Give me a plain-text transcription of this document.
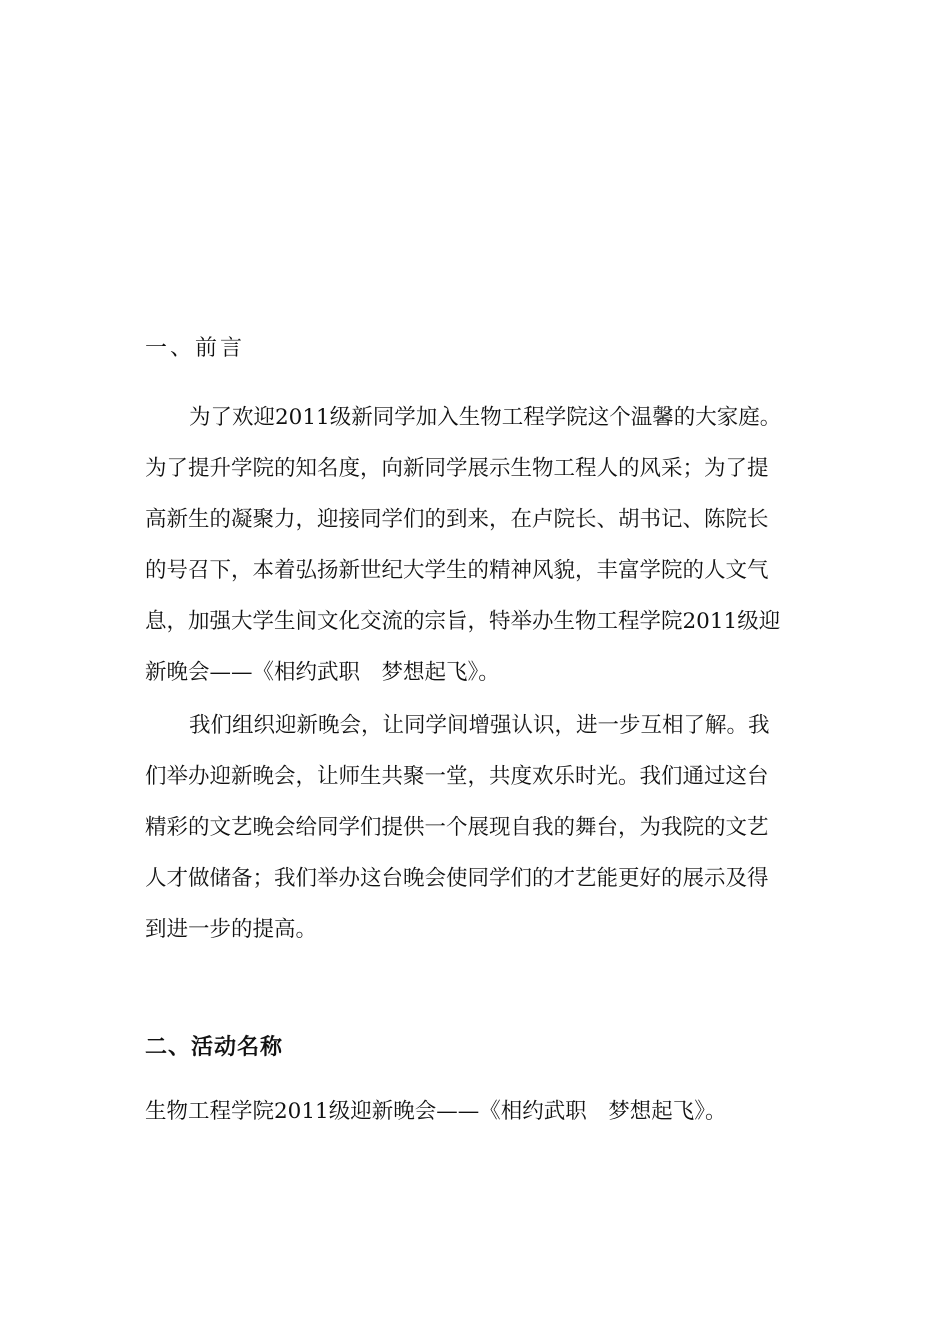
一、前言
为了欢迎2011级新同学加入生物工程学院这个温馨的大家庭。
为了提升学院的知名度，向新同学展示生物工程人的风采；为了提
高新生的凝聚力，迎接同学们的到来，在卢院长、胡书记、陈院长
的号召下，本着弘扬新世纪大学生的精神风貌，丰富学院的人文气
息，加强大学生间文化交流的宗旨，特举办生物工程学院2011级迎
新晚会——《相约武职　梦想起飞》。
我们组织迎新晚会，让同学间增强认识，进一步互相了解。我
们举办迎新晚会，让师生共聚一堂，共度欢乐时光。我们通过这台
精彩的文艺晚会给同学们提供一个展现自我的舞台，为我院的文艺
人才做储备；我们举办这台晚会使同学们的才艺能更好的展示及得
到进一步的提高。
二、活动名称
生物工程学院2011级迎新晚会——《相约武职　梦想起飞》。
